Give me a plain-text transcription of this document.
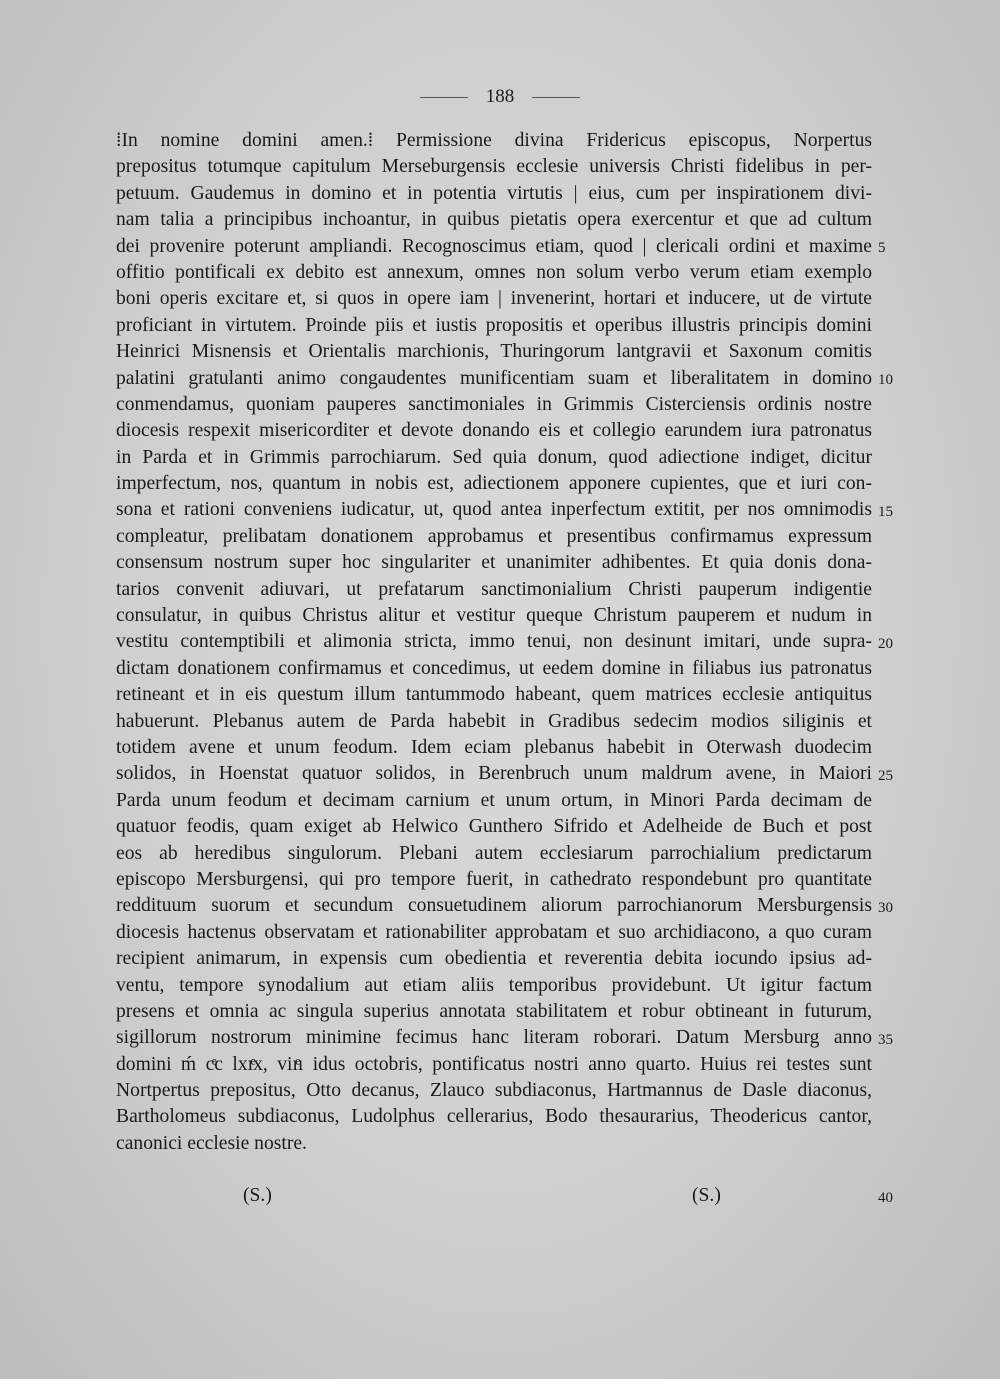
188
⁞In nomine domini amen.⁞ Permissione divina Fridericus episcopus, Norpertus
prepositus totumque capitulum Merseburgensis ecclesie universis Christi fidelibus in per-
petuum. Gaudemus in domino et in potentia virtutis | eius, cum per inspirationem divi-
nam talia a principibus inchoantur, in quibus pietatis opera exercentur et que ad cultum
dei provenire poterunt ampliandi. Recognoscimus etiam, quod | clericali ordini et maxime
offitio pontificali ex debito est annexum, omnes non solum verbo verum etiam exemplo
boni operis excitare et, si quos in opere iam | invenerint, hortari et inducere, ut de virtute
proficiant in virtutem. Proinde piis et iustis propositis et operibus illustris principis domini
Heinrici Misnensis et Orientalis marchionis, Thuringorum lantgravii et Saxonum comitis
palatini gratulanti animo congaudentes munificentiam suam et liberalitatem in domino
conmendamus, quoniam pauperes sanctimoniales in Grimmis Cisterciensis ordinis nostre
diocesis respexit misericorditer et devote donando eis et collegio earundem iura patronatus
in Parda et in Grimmis parrochiarum. Sed quia donum, quod adiectione indiget, dicitur
imperfectum, nos, quantum in nobis est, adiectionem apponere cupientes, que et iuri con-
sona et rationi conveniens iudicatur, ut, quod antea inperfectum extitit, per nos omnimodis
compleatur, prelibatam donationem approbamus et presentibus confirmamus expressum
consensum nostrum super hoc singulariter et unanimiter adhibentes. Et quia donis dona-
tarios convenit adiuvari, ut prefatarum sanctimonialium Christi pauperum indigentie
consulatur, in quibus Christus alitur et vestitur queque Christum pauperem et nudum in
vestitu contemptibili et alimonia stricta, immo tenui, non desinunt imitari, unde supra-
dictam donationem confirmamus et concedimus, ut eedem domine in filiabus ius patronatus
retineant et in eis questum illum tantummodo habeant, quem matrices ecclesie antiquitus
habuerunt. Plebanus autem de Parda habebit in Gradibus sedecim modios siliginis et
totidem avene et unum feodum. Idem eciam plebanus habebit in Oterwash duodecim
solidos, in Hoenstat quatuor solidos, in Berenbruch unum maldrum avene, in Maiori
Parda unum feodum et decimam carnium et unum ortum, in Minori Parda decimam de
quatuor feodis, quam exiget ab Helwico Gunthero Sifrido et Adelheide de Buch et post
eos ab heredibus singulorum. Plebani autem ecclesiarum parrochialium predictarum
episcopo Mersburgensi, qui pro tempore fuerit, in cathedrato respondebunt pro quantitate
reddituum suorum et secundum consuetudinem aliorum parrochianorum Mersburgensis
diocesis hactenus observatam et rationabiliter approbatam et suo archidiacono, a quo curam
recipient animarum, in expensis cum obedientia et reverentia debita iocundo ipsius ad-
ventu, tempore synodalium aut etiam aliis temporibus providebunt. Ut igitur factum
presens et omnia ac singula superius annotata stabilitatem et robur obtineant in futurum,
sigillorum nostrorum minimine fecimus hanc literam roborari. Datum Mersburg anno
domini ḿ cͤc lxıͤx, viıͤı idus octobris, pontificatus nostri anno quarto. Huius rei testes sunt
Nortpertus prepositus, Otto decanus, Zlauco subdiaconus, Hartmannus de Dasle diaconus,
Bartholomeus subdiaconus, Ludolphus cellerarius, Bodo thesaurarius, Theodericus cantor,
canonici ecclesie nostre.
5
10
15
20
25
30
35
(S.)	(S.)	40
